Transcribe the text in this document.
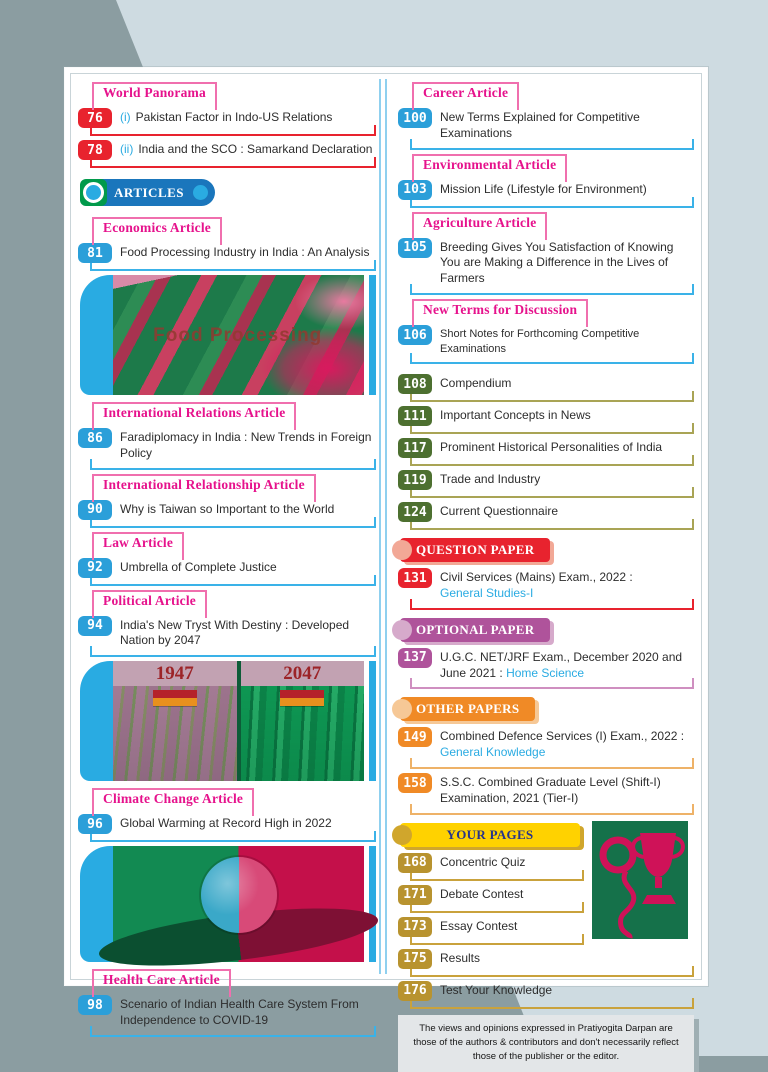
World Panorama
76	(i) Pakistan Factor in Indo-US Relations
78	(ii) India and the SCO : Samarkand Declaration
ARTICLES
Economics Article
81	Food Processing Industry in India : An Analysis
Food Processing
International Relations Article
86	Faradiplomacy in India : New Trends in Foreign Policy
International Relationship Article
90	Why is Taiwan so Important to the World
Law Article
92	Umbrella of Complete Justice
Political Article
94	India's New Tryst With Destiny : Developed Nation by 2047
1947	2047
Climate Change Article
96	Global Warming at Record High in 2022
Health Care Article
98	Scenario of Indian Health Care System From Independence to COVID-19
Career Article
100	New Terms Explained for Competitive Examinations
Environmental Article
103	Mission Life (Lifestyle for Environment)
Agriculture Article
105	Breeding Gives You Satisfaction of Knowing You are Making a Difference in the Lives of Farmers
New Terms for Discussion
106	Short Notes for Forthcoming Competitive Examinations
108	Compendium
111	Important Concepts in News
117	Prominent Historical Personalities of India
119	Trade and Industry
124	Current Questionnaire
QUESTION PAPER
131	Civil Services (Mains) Exam., 2022 :
General Studies-I
OPTIONAL PAPER
137	U.G.C. NET/JRF Exam., December 2020 and June 2021 : Home Science
OTHER PAPERS
149	Combined Defence Services (I) Exam., 2022 :
General Knowledge
158	S.S.C. Combined Graduate Level (Shift-I) Examination, 2021 (Tier-I)
YOUR PAGES
168	Concentric Quiz
171	Debate Contest
173	Essay Contest
175	Results
176	Test Your Knowledge
The views and opinions expressed in Pratiyogita Darpan are those of the authors & contributors and don't necessarily reflect those of the publisher or the editor.
